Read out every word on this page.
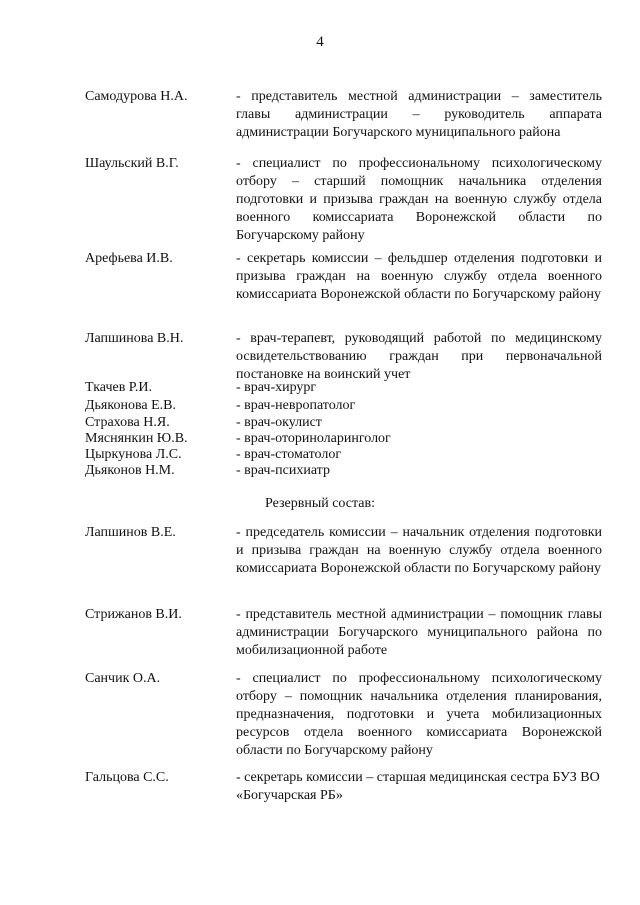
4
Самодурова Н.А.	- представитель местной администрации – заместитель главы администрации – руководитель аппарата администрации Богучарского муниципального района
Шаульский В.Г.	- специалист по профессиональному психологическому отбору – старший помощник начальника отделения подготовки и призыва граждан на военную службу отдела военного комиссариата Воронежской области по Богучарскому району
Арефьева И.В.	- секретарь комиссии – фельдшер отделения подготовки и призыва граждан на военную службу отдела военного комиссариата Воронежской области по Богучарскому району
Лапшинова В.Н.	- врач-терапевт, руководящий работой по медицинскому освидетельствованию граждан при первоначальной постановке на воинский учет
Ткачев Р.И.	- врач-хирург
Дьяконова Е.В.	- врач-невропатолог
Страхова Н.Я.	- врач-окулист
Мяснянкин Ю.В.	- врач-оториноларинголог
Цыркунова Л.С.	- врач-стоматолог
Дьяконов Н.М.	- врач-психиатр
Резервный состав:
Лапшинов В.Е.	- председатель комиссии – начальник отделения подготовки и призыва граждан на военную службу отдела военного комиссариата Воронежской области по Богучарскому району
Стрижанов В.И.	- представитель местной администрации – помощник главы администрации Богучарского муниципального района по мобилизационной работе
Санчик О.А.	- специалист по профессиональному психологическому отбору – помощник начальника отделения планирования, предназначения, подготовки и учета мобилизационных ресурсов отдела военного комиссариата Воронежской области по Богучарскому району
Гальцова С.С.	- секретарь комиссии – старшая медицинская сестра БУЗ ВО «Богучарская РБ»
